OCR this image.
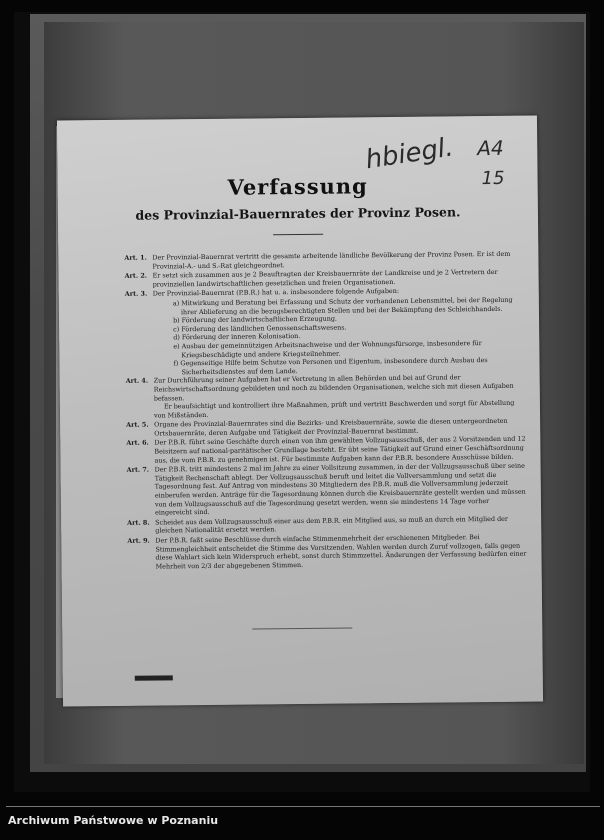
hbiegl. A4
15
Verfassung
des Provinzial-Bauernrates der Provinz Posen.
Art. 1. Der Provinzial-Bauernrat vertritt die gesamte arbeitende ländliche Bevölkerung der Provinz Posen. Er ist dem Provinzial-A.- und S.-Rat gleichgeordnet.
Art. 2. Er setzt sich zusammen aus je 2 Beauftragten der Kreisbauernräte der Landkreise und je 2 Vertretern der provinziellen landwirtschaftlichen gesetzlichen und freien Organisationen.
Art. 3. Der Provinzial-Bauernrat (P.B.R.) hat u. a. insbesondere folgende Aufgaben:
a) Mitwirkung und Beratung bei Erfassung und Schutz der vorhandenen Lebensmittel, bei der Regelung ihrer Ablieferung an die bezugsberechtigten Stellen und bei der Bekämpfung des Schleichhandels.
b) Förderung der landwirtschaftlichen Erzeugung.
c) Förderung des ländlichen Genossenschaftswesens.
d) Förderung der inneren Kolonisation.
e) Ausbau der gemeinnützigen Arbeitsnachweise und der Wohnungsfürsorge, insbesondere für Kriegsbeschädigte und andere Kriegsteilnehmer.
f) Gegenseitige Hilfe beim Schutze von Personen und Eigentum, insbesondere durch Ausbau des Sicherheitsdienstes auf dem Lande.
Art. 4. Zur Durchführung seiner Aufgaben hat er Vertretung in allen Behörden und bei auf Grund der Reichswirtschaftsordnung gebildeten und noch zu bildenden Organisationen, welche sich mit diesen Aufgaben befassen.
Er beaufsichtigt und kontrolliert ihre Maßnahmen, prüft und vertritt Beschwerden und sorgt für Abstellung von Mißständen.
Art. 5. Organe des Provinzial-Bauernrates sind die Bezirks- und Kreisbauernräte, sowie die diesen untergeordneten Ortsbauernräte, deren Aufgabe und Tätigkeit der Provinzial-Bauernrat bestimmt.
Art. 6. Der P.B.R. führt seine Geschäfte durch einen von ihm gewählten Vollzugsausschuß, der aus 2 Vorsitzenden und 12 Beisitzern auf national-paritätischer Grundlage besteht. Er übt seine Tätigkeit auf Grund einer Geschäftsordnung aus, die vom P.B.R. zu genehmigen ist. Für bestimmte Aufgaben kann der P.B.R. besondere Ausschüsse bilden.
Art. 7. Der P.B.R. tritt mindestens 2 mal im Jahre zu einer Vollsitzung zusammen, in der der Vollzugsausschuß über seine Tätigkeit Rechenschaft ablegt. Der Vollzugsausschuß beruft und leitet die Vollversammlung und setzt die Tagesordnung fest. Auf Antrag von mindestens 30 Mitgliedern des P.B.R. muß die Vollversammlung jederzeit einberufen werden. Anträge für die Tagesordnung können durch die Kreisbauernräte gestellt werden und müssen von dem Vollzugsausschuß auf die Tagesordnung gesetzt werden, wenn sie mindestens 14 Tage vorher eingereicht sind.
Art. 8. Scheidet aus dem Vollzugsausschuß einer aus dem P.B.R. ein Mitglied aus, so muß an durch ein Mitglied der gleichen Nationalität ersetzt werden.
Art. 9. Der P.B.R. faßt seine Beschlüsse durch einfache Stimmenmehrheit der erschienenen Mitglieder. Bei Stimmengleichheit entscheidet die Stimme des Vorsitzenden. Wahlen werden durch Zuruf vollzogen, falls gegen diese Wahlart sich kein Widerspruch erhebt, sonst durch Stimmzettel. Änderungen der Verfassung bedürfen einer Mehrheit von 2/3 der abgegebenen Stimmen.
Archiwum Państwowe w Poznaniu
